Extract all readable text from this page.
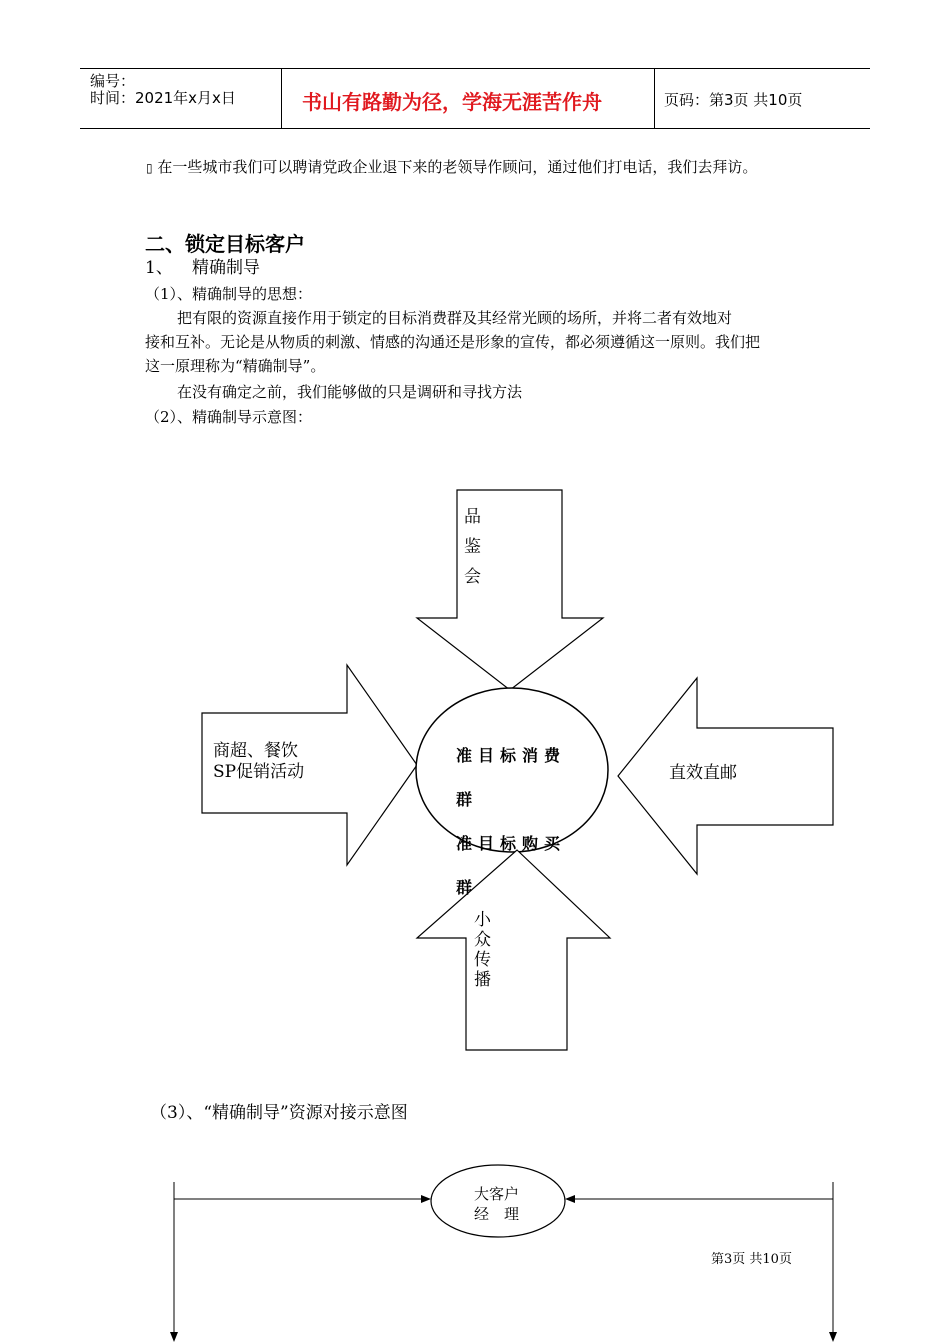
编号：
时间：2021年x月x日	书山有路勤为径，学海无涯苦作舟	页码：第3页 共10页
▯ 在一些城市我们可以聘请党政企业退下来的老领导作顾问，通过他们打电话，我们去拜访。
二、锁定目标客户
1、 精确制导
（1）、精确制导的思想：
把有限的资源直接作用于锁定的目标消费群及其经常光顾的场所，并将二者有效地对
接和互补。无论是从物质的刺激、情感的沟通还是形象的宣传，都必须遵循这一原则。我们把
这一原理称为“精确制导”。
在没有确定之前，我们能够做的只是调研和寻找方法
（2）、精确制导示意图：
品
鉴
会
商超、餐饮
SP促销活动	直效直邮
准目标消费
群
准目标购买
群
小
众
传
播
（3）、“精确制导”资源对接示意图
大客户
经　理
第3页 共10页
